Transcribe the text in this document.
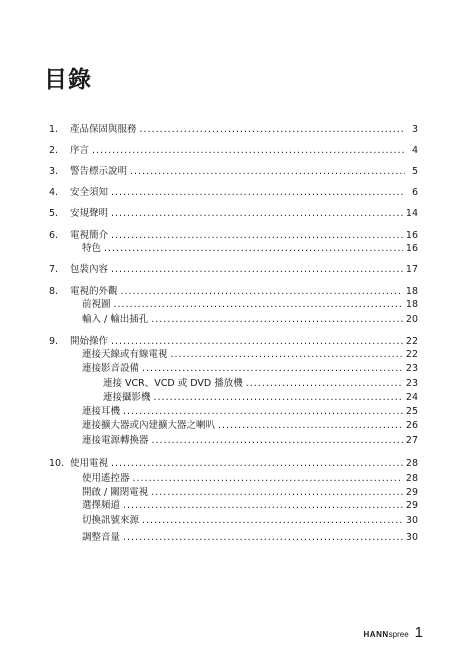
目錄
1.	產品保固與服務 .....	3
2.	序言 .....	4
3.	警告標示說明 .....	5
4.	安全須知 .....	6
5.	安規聲明 .....	14
6.	電視簡介 .....	16
特色 .....	16
7.	包裝內容 .....	17
8.	電視的外觀 .....	18
前視圖 .....	18
輸入 / 輸出插孔 .....	20
9.	開始操作 .....	22
連接天線或有線電視 .....	22
連接影音設備 .....	23
連接 VCR、VCD 或 DVD 播放機 .....	23
連接攝影機 .....	24
連接耳機 .....	25
連接擴大器或內建擴大器之喇叭 .....	26
連接電源轉換器 .....	27
10. 使用電視 .....	28
使用遙控器 .....	28
開啟 / 關閉電視 .....	29
選擇頻道 .....	29
切換訊號來源 .....	30
調整音量 .....	30
HANN spree 1
